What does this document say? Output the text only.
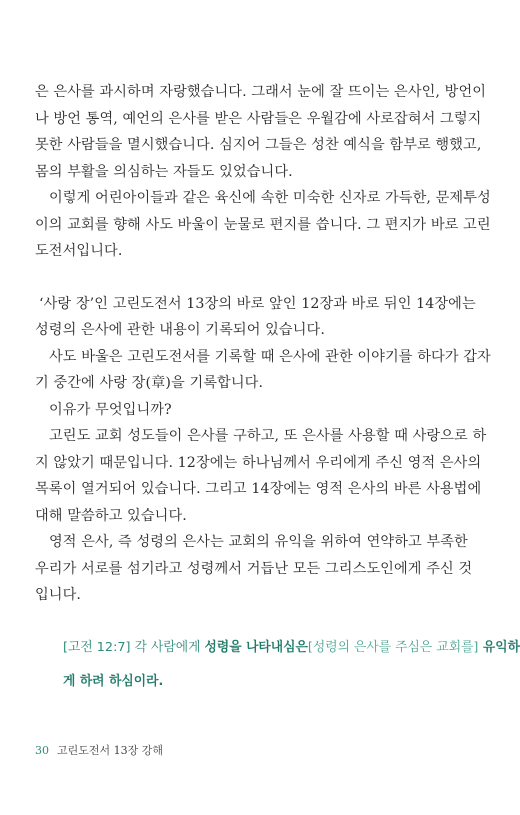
은 은사를 과시하며 자랑했습니다. 그래서 눈에 잘 뜨이는 은사인, 방언이
나 방언 통역, 예언의 은사를 받은 사람들은 우월감에 사로잡혀서 그렇지
못한 사람들을 멸시했습니다. 심지어 그들은 성찬 예식을 함부로 행했고,
몸의 부활을 의심하는 자들도 있었습니다.
이렇게 어린아이들과 같은 육신에 속한 미숙한 신자로 가득한, 문제투성
이의 교회를 향해 사도 바울이 눈물로 편지를 씁니다. 그 편지가 바로 고린
도전서입니다.
‘사랑 장’인 고린도전서 13장의 바로 앞인 12장과 바로 뒤인 14장에는
성령의 은사에 관한 내용이 기록되어 있습니다.
사도 바울은 고린도전서를 기록할 때 은사에 관한 이야기를 하다가 갑자
기 중간에 사랑 장(章)을 기록합니다.
이유가 무엇입니까?
고린도 교회 성도들이 은사를 구하고, 또 은사를 사용할 때 사랑으로 하
지 않았기 때문입니다. 12장에는 하나님께서 우리에게 주신 영적 은사의
목록이 열거되어 있습니다. 그리고 14장에는 영적 은사의 바른 사용법에
대해 말씀하고 있습니다.
영적 은사, 즉 성령의 은사는 교회의 유익을 위하여 연약하고 부족한
우리가 서로를 섬기라고 성령께서 거듭난 모든 그리스도인에게 주신 것
입니다.
[고전 12:7] 각 사람에게 성령을 나타내심은[성령의 은사를 주심은 교회를] 유익하
게 하려 하심이라.
30 고린도전서 13장 강해
